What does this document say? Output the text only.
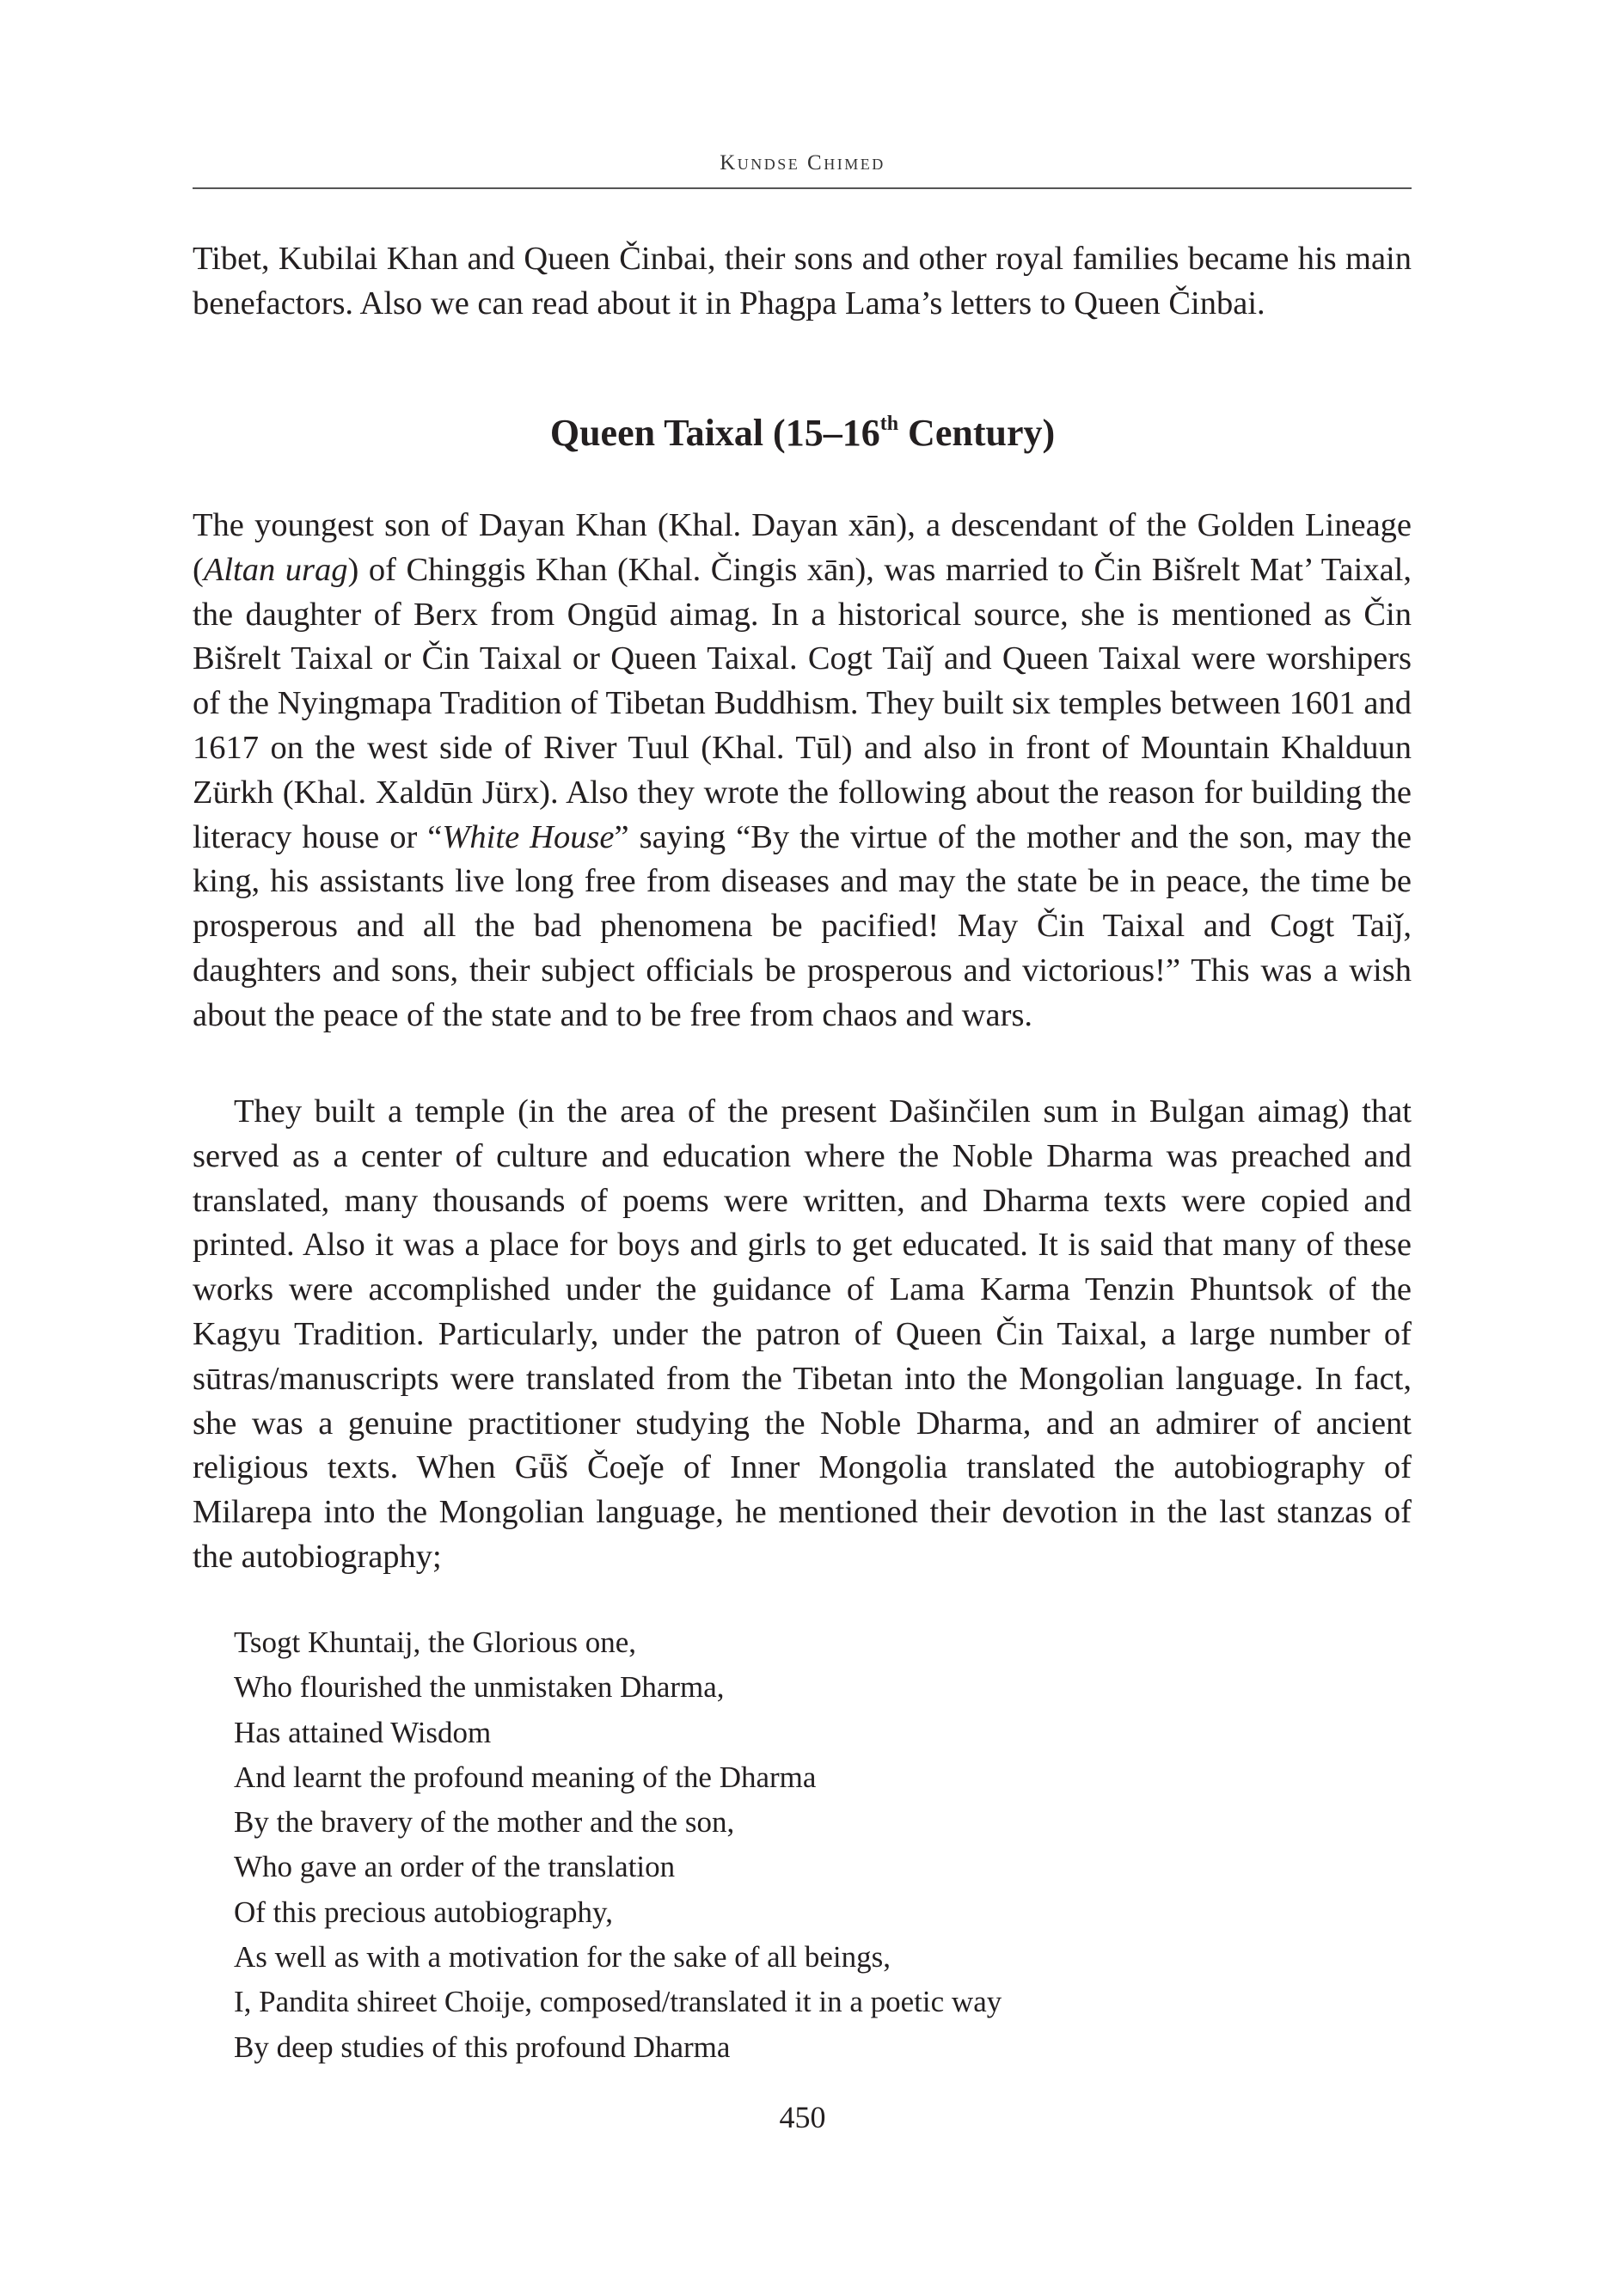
Kundse Chimed

Tibet, Kubilai Khan and Queen Činbai, their sons and other royal families became his main benefactors. Also we can read about it in Phagpa Lama’s letters to Queen Činbai.

Queen Taixal (15–16th Century)

The youngest son of Dayan Khan (Khal. Dayan xān), a descendant of the Golden Lineage (Altan urag) of Chinggis Khan (Khal. Čingis xān), was married to Čin Bišrelt Mat’ Taixal, the daughter of Berx from Ongūd aimag. In a historical source, she is mentioned as Čin Bišrelt Taixal or Čin Taixal or Queen Taixal. Cogt Taiǰ and Queen Taixal were worshipers of the Nyingmapa Tradition of Tibetan Buddhism. They built six temples between 1601 and 1617 on the west side of River Tuul (Khal. Tūl) and also in front of Mountain Khalduun Zürkh (Khal. Xaldūn Jürx). Also they wrote the following about the reason for building the literacy house or “White House” saying “By the virtue of the mother and the son, may the king, his assistants live long free from diseases and may the state be in peace, the time be prosperous and all the bad phenomena be pacified! May Čin Taixal and Cogt Taiǰ, daughters and sons, their subject officials be prosperous and victorious!” This was a wish about the peace of the state and to be free from chaos and wars.

They built a temple (in the area of the present Dašinčilen sum in Bulgan aimag) that served as a center of culture and education where the Noble Dharma was preached and translated, many thousands of poems were written, and Dharma texts were copied and printed. Also it was a place for boys and girls to get educated. It is said that many of these works were accomplished under the guidance of Lama Karma Tenzin Phuntsok of the Kagyu Tradition. Particularly, under the patron of Queen Čin Taixal, a large number of sūtras/manuscripts were translated from the Tibetan into the Mongolian language. In fact, she was a genuine practitioner studying the Noble Dharma, and an admirer of ancient religious texts. When Gǖš Čoeǰe of Inner Mongolia translated the autobiography of Milarepa into the Mongolian language, he mentioned their devotion in the last stanzas of the autobiography;

Tsogt Khuntaij, the Glorious one,
Who flourished the unmistaken Dharma,
Has attained Wisdom
And learnt the profound meaning of the Dharma
By the bravery of the mother and the son,
Who gave an order of the translation
Of this precious autobiography,
As well as with a motivation for the sake of all beings,
I, Pandita shireet Choije, composed/translated it in a poetic way
By deep studies of this profound Dharma
450
